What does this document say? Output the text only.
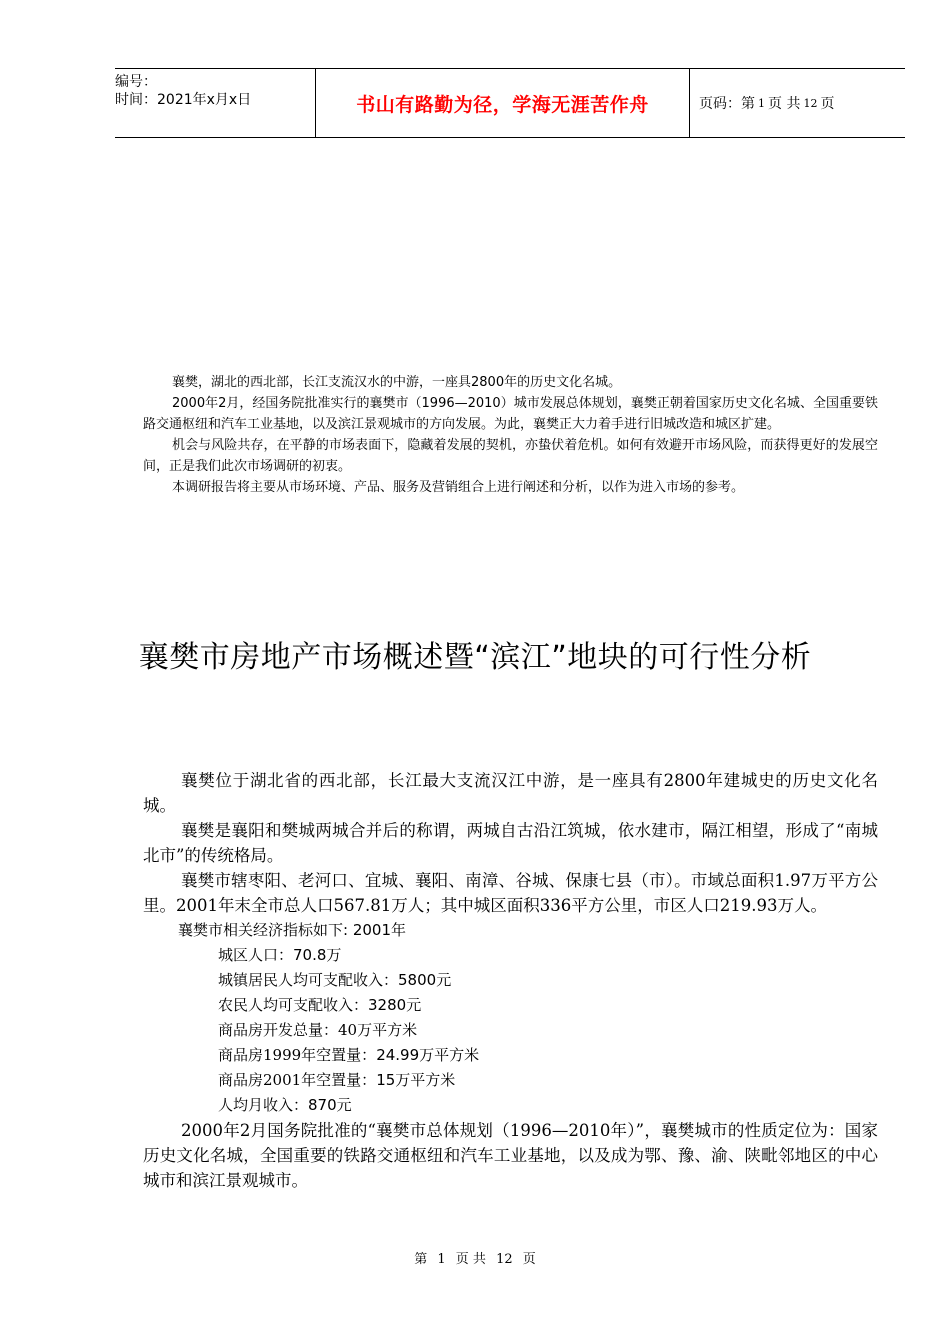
编号：
时间：2021年x月x日	书山有路勤为径，学海无涯苦作舟	页码：第 1 页 共 12 页

襄樊，湖北的西北部，长江支流汉水的中游，一座具2800年的历史文化名城。

2000年2月，经国务院批准实行的襄樊市（1996—2010）城市发展总体规划，襄樊正朝着国家历史文化名城、全国重要铁路交通枢纽和汽车工业基地，以及滨江景观城市的方向发展。为此，襄樊正大力着手进行旧城改造和城区扩建。

机会与风险共存，在平静的市场表面下，隐藏着发展的契机，亦蛰伏着危机。如何有效避开市场风险，而获得更好的发展空间，正是我们此次市场调研的初衷。

本调研报告将主要从市场环境、产品、服务及营销组合上进行阐述和分析，以作为进入市场的参考。

襄樊市房地产市场概述暨“滨江”地块的可行性分析

襄樊位于湖北省的西北部，长江最大支流汉江中游，是一座具有2800年建城史的历史文化名城。

襄樊是襄阳和樊城两城合并后的称谓，两城自古沿江筑城，依水建市，隔江相望，形成了“南城北市”的传统格局。

襄樊市辖枣阳、老河口、宜城、襄阳、南漳、谷城、保康七县（市）。市域总面积1.97万平方公里。2001年末全市总人口567.81万人；其中城区面积336平方公里，市区人口219.93万人。

襄樊市相关经济指标如下: 2001年
城区人口：70.8万
城镇居民人均可支配收入：5800元
农民人均可支配收入：3280元
商品房开发总量：40万平方米
商品房1999年空置量：24.99万平方米
商品房2001年空置量：15万平方米
人均月收入：870元

2000年2月国务院批准的“襄樊市总体规划（1996—2010年）”，襄樊城市的性质定位为：国家历史文化名城，全国重要的铁路交通枢纽和汽车工业基地，以及成为鄂、豫、渝、陕毗邻地区的中心城市和滨江景观城市。

第 1 页 共 12 页
